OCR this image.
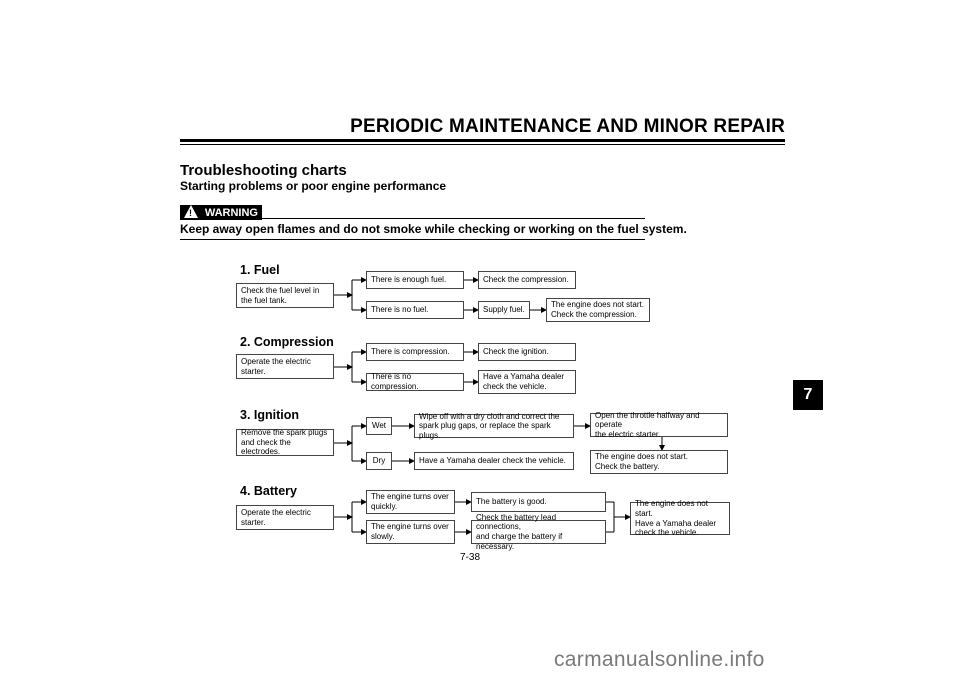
PERIODIC MAINTENANCE AND MINOR REPAIR
Troubleshooting charts
Starting problems or poor engine performance
WARNING
!
Keep away open flames and do not smoke while checking or working on the fuel system.
1. Fuel
Check the fuel level in
the fuel tank.
There is enough fuel.	Check the compression.
There is no fuel.	Supply fuel.
The engine does not start.
Check the compression.
2. Compression
Operate the electric starter.
There is compression.	Check the ignition.
There is no compression.
Have a Yamaha dealer
check the vehicle.
3. Ignition
Remove the spark plugs
and check the electrodes.
Wet
Wipe off with a dry cloth and correct the
spark plug gaps, or replace the spark plugs.
Open the throttle halfway and operate
the electric starter.
The engine does not start.
Check the battery.
Dry	Have a Yamaha dealer check the vehicle.
4. Battery
Operate the electric starter.
The engine turns over
quickly.
The battery is good.
The engine turns over
slowly.
Check the battery lead connections,
and charge the battery if necessary.
The engine does not start.
Have a Yamaha dealer
check the vehicle.
7
7-38
carmanualsonline.info
